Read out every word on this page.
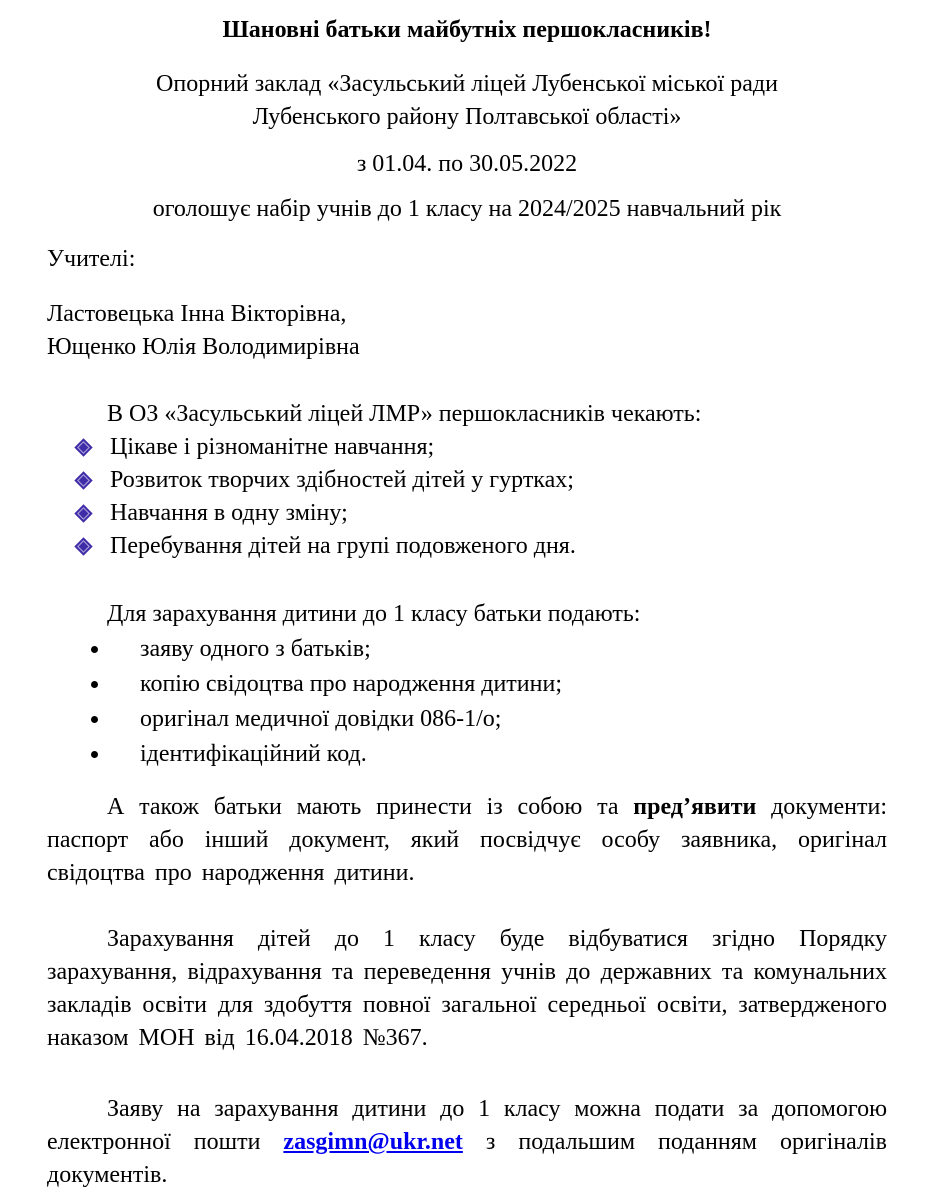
Шановні батьки майбутніх першокласників!

Опорний заклад «Засульський ліцей Лубенської міської ради

Лубенського району Полтавської області»

з 01.04. по 30.05.2022

оголошує набір учнів до 1 класу на 2024/2025 навчальний рік

Учителі:

Ластовецька Інна Вікторівна,

Ющенко Юлія Володимирівна

В ОЗ «Засульський ліцей ЛМР» першокласників чекають:

Цікаве і різноманітне навчання;
Розвиток творчих здібностей дітей у гуртках;
Навчання в одну зміну;
Перебування дітей на групі подовженого дня.

Для зарахування дитини до 1 класу батьки подають:

заяву одного з батьків;
копію свідоцтва про народження дитини;
оригінал медичної довідки 086-1/о;
ідентифікаційний код.

А також батьки мають принести із собою та пред’явити документи: паспорт або інший документ, який посвідчує особу заявника, оригінал свідоцтва про народження дитини.

Зарахування дітей до 1 класу буде відбуватися згідно Порядку зарахування, відрахування та переведення учнів до державних та комунальних закладів освіти для здобуття повної загальної середньої освіти, затвердженого наказом МОН від 16.04.2018 №367.

Заяву на зарахування дитини до 1 класу можна подати за допомогою електронної пошти zasgimn@ukr.net з подальшим поданням оригіналів документів.
